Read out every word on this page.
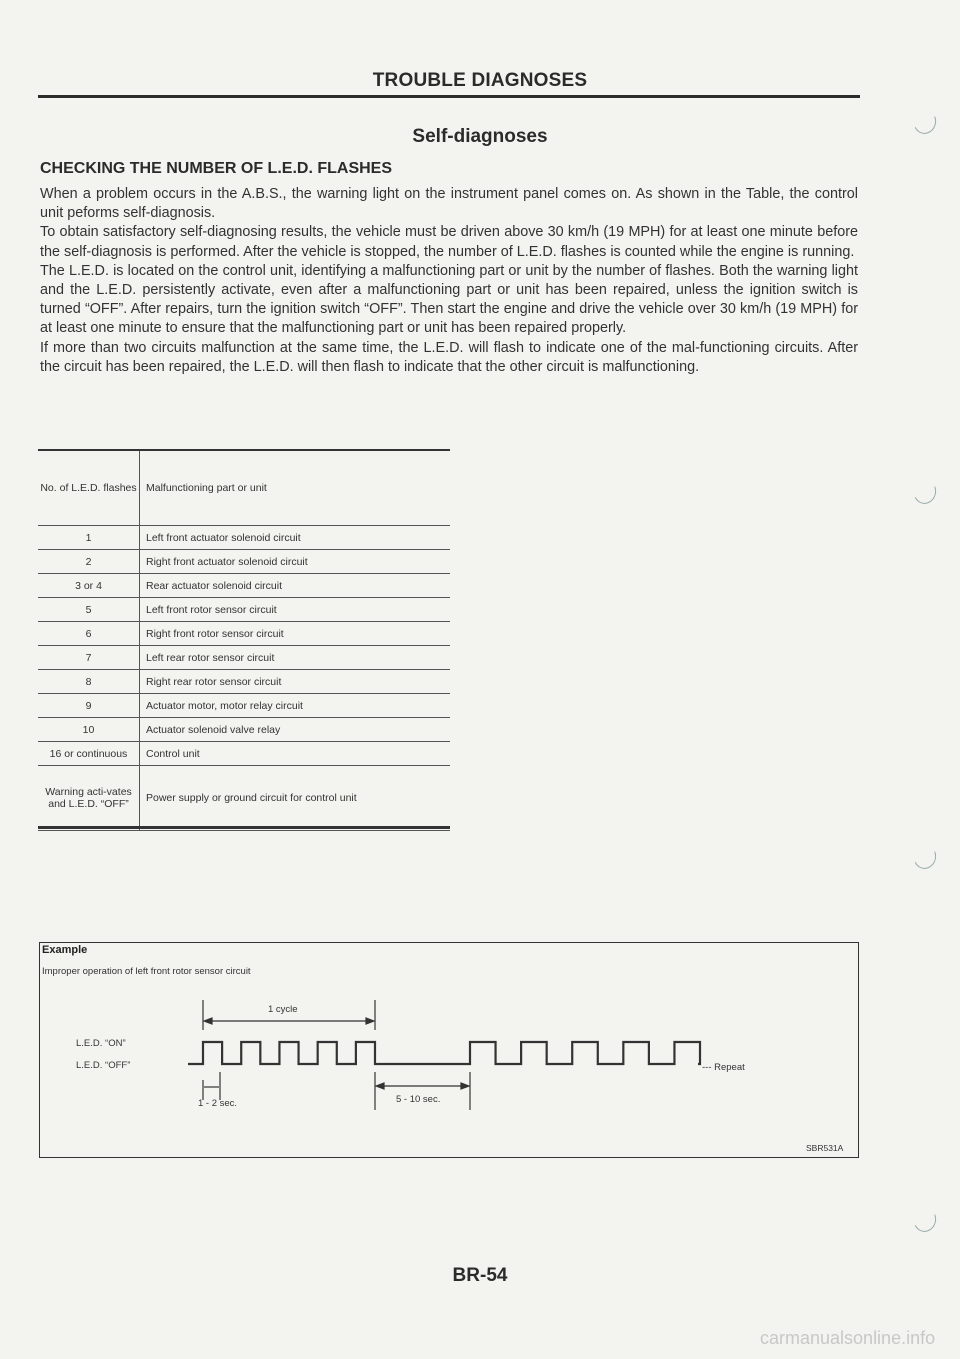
TROUBLE DIAGNOSES
Self-diagnoses
CHECKING THE NUMBER OF L.E.D. FLASHES

When a problem occurs in the A.B.S., the warning light on the instrument panel comes on. As shown in the Table, the control unit peforms self-diagnosis.

To obtain satisfactory self-diagnosing results, the vehicle must be driven above 30 km/h (19 MPH) for at least one minute before the self-diagnosis is performed. After the vehicle is stopped, the number of L.E.D. flashes is counted while the engine is running.

The L.E.D. is located on the control unit, identifying a malfunctioning part or unit by the number of flashes. Both the warning light and the L.E.D. persistently activate, even after a malfunctioning part or unit has been repaired, unless the ignition switch is turned “OFF”. After repairs, turn the ignition switch “OFF”. Then start the engine and drive the vehicle over 30 km/h (19 MPH) for at least one minute to ensure that the malfunctioning part or unit has been repaired properly.

If more than two circuits malfunction at the same time, the L.E.D. will flash to indicate one of the mal-functioning circuits. After the circuit has been repaired, the L.E.D. will then flash to indicate that the other circuit is malfunctioning.

No. of L.E.D. flashes	Malfunctioning part or unit
1	Left front actuator solenoid circuit
2	Right front actuator solenoid circuit
3 or 4	Rear actuator solenoid circuit
5	Left front rotor sensor circuit
6	Right front rotor sensor circuit
7	Left rear rotor sensor circuit
8	Right rear rotor sensor circuit
9	Actuator motor, motor relay circuit
10	Actuator solenoid valve relay
16 or continuous	Control unit
Warning acti-vates and L.E.D. “OFF”	Power supply or ground circuit for control unit
Example
Improper operation of left front rotor sensor circuit
1 cycle
L.E.D. “ON”
L.E.D. “OFF”
1 - 2 sec.	5 - 10 sec.
--- Repeat
SBR531A
BR-54
carmanualsonline.info
